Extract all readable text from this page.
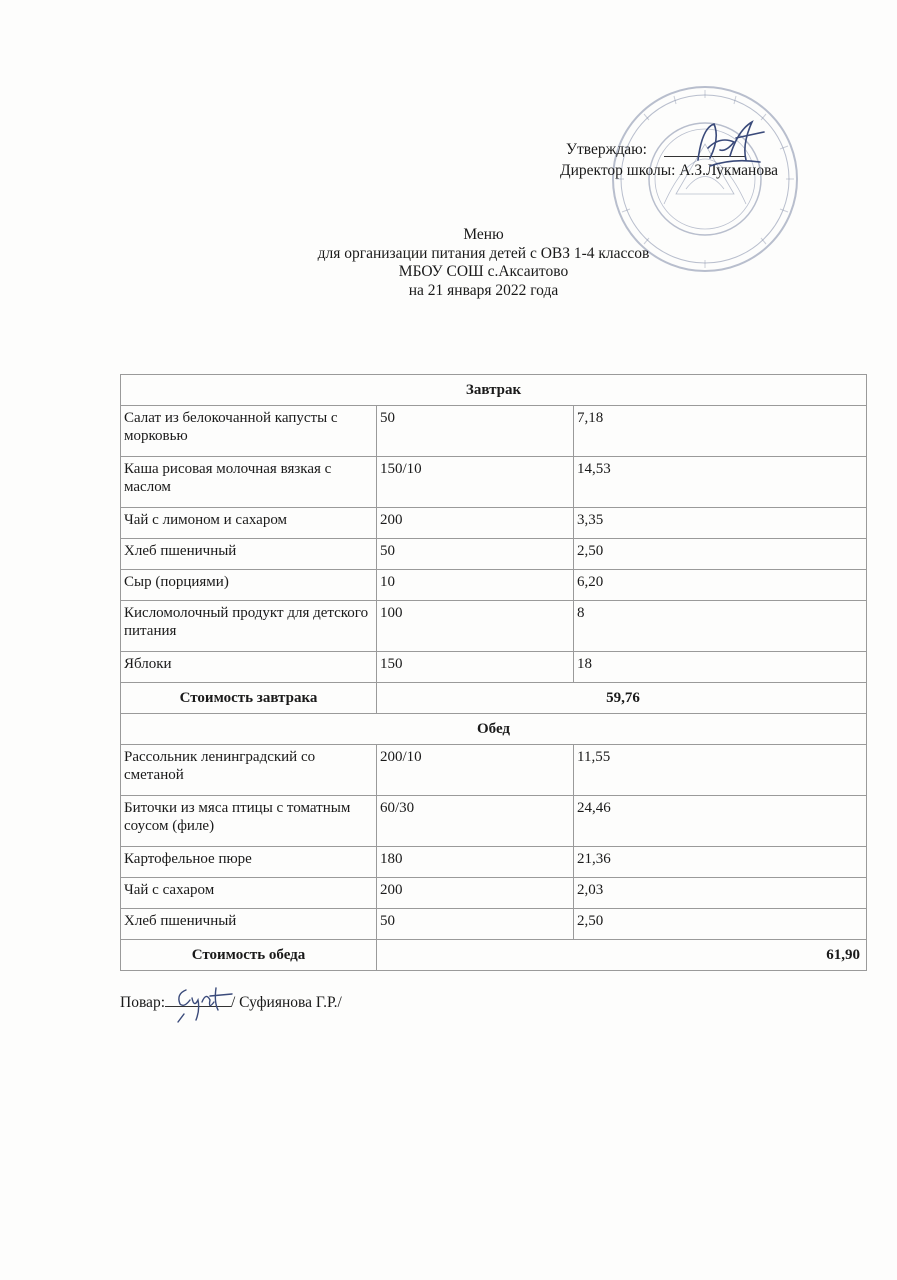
Утверждаю:
Директор школы: А.З.Лукманова
Меню
для организации питания детей с ОВЗ 1-4 классов
МБОУ СОШ с.Аксаитово
на 21 января 2022 года
Завтрак		
Салат из белокочанной капусты с морковью	50	7,18
Каша рисовая молочная вязкая с маслом	150/10	14,53
Чай с лимоном и сахаром	200	3,35
Хлеб пшеничный	50	2,50
Сыр (порциями)	10	6,20
Кисломолочный продукт для детского питания	100	8
Яблоки	150	18
Стоимость завтрака	59,76	
Обед		
Рассольник ленинградский со сметаной	200/10	11,55
Биточки из мяса птицы с томатным соусом (филе)	60/30	24,46
Картофельное пюре	180	21,36
Чай с сахаром	200	2,03
Хлеб пшеничный	50	2,50
Стоимость обеда	61,90	
Повар:	/ Суфиянова Г.Р./
